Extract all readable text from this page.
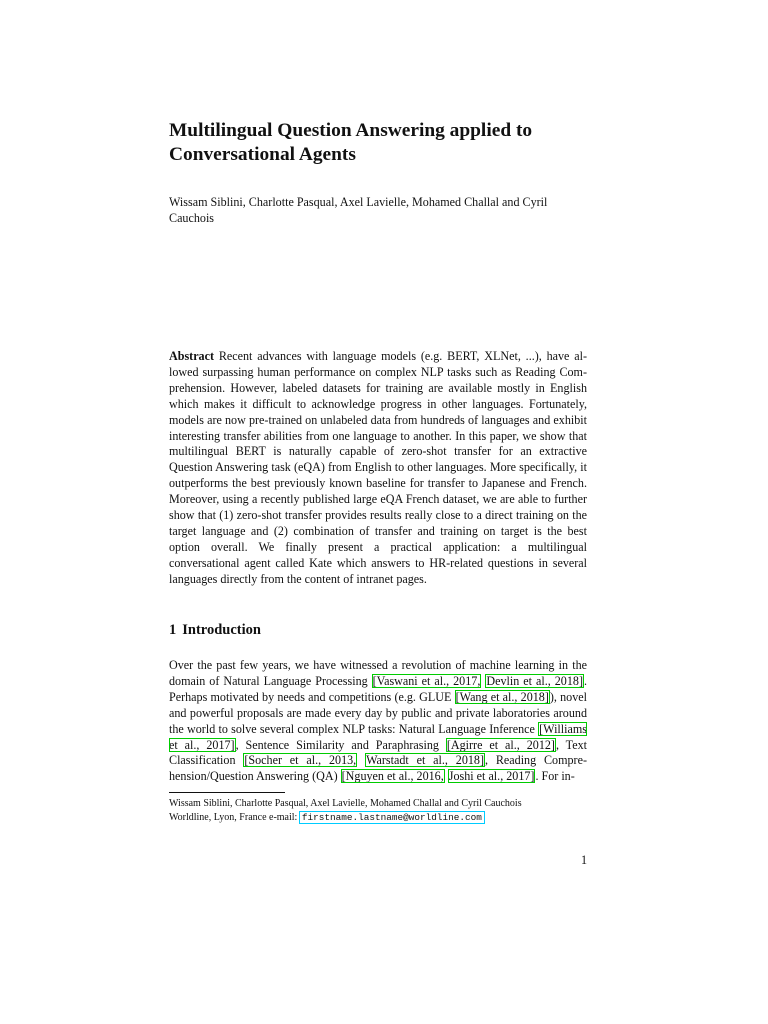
Multilingual Question Answering applied to Conversational Agents

Wissam Siblini, Charlotte Pasqual, Axel Lavielle, Mohamed Challal and Cyril Cauchois

Abstract Recent advances with language models (e.g. BERT, XLNet, ...), have allowed surpassing human performance on complex NLP tasks such as Reading Comprehension. However, labeled datasets for training are available mostly in English which makes it difficult to acknowledge progress in other languages. Fortunately, models are now pre-trained on unlabeled data from hundreds of languages and exhibit interesting transfer abilities from one language to another. In this paper, we show that multilingual BERT is naturally capable of zero-shot transfer for an extractive Question Answering task (eQA) from English to other languages. More specifically, it outperforms the best previously known baseline for transfer to Japanese and French. Moreover, using a recently published large eQA French dataset, we are able to further show that (1) zero-shot transfer provides results really close to a direct training on the target language and (2) combination of transfer and training on target is the best option overall. We finally present a practical application: a multilingual conversational agent called Kate which answers to HR-related questions in several languages directly from the content of intranet pages.

1 Introduction

Over the past few years, we have witnessed a revolution of machine learning in the domain of Natural Language Processing [Vaswani et al., 2017, Devlin et al., 2018]. Perhaps motivated by needs and competitions (e.g. GLUE [Wang et al., 2018]), novel and powerful proposals are made every day by public and private laboratories around the world to solve several complex NLP tasks: Natural Language Inference [Williams et al., 2017], Sentence Similarity and Paraphrasing [Agirre et al., 2012], Text Classification [Socher et al., 2013, Warstadt et al., 2018], Reading Comprehension/Question Answering (QA) [Nguyen et al., 2016, Joshi et al., 2017]. For in-

Wissam Siblini, Charlotte Pasqual, Axel Lavielle, Mohamed Challal and Cyril Cauchois
Worldline, Lyon, France e-mail: firstname.lastname@worldline.com

1
